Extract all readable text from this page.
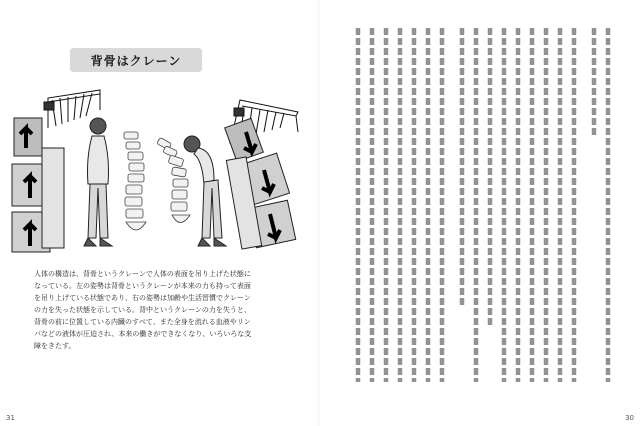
背骨はクレーン
人体の構造は、背骨というクレーンで人体の表面を吊り上げた状態に
なっている。左の姿勢は背骨というクレーンが本来の力も持って表面
を吊り上げている状態であり、右の姿勢は加齢や生活習慣でクレーン
の力を失った状態を示している。背中というクレーンの力を失うと、
背骨の前に位置している内臓のすべて、また全身を流れる血液やリン
パなどの液体が圧迫され、本来の働きができなくなり、いろいろな支
障をきたす。
31	30
